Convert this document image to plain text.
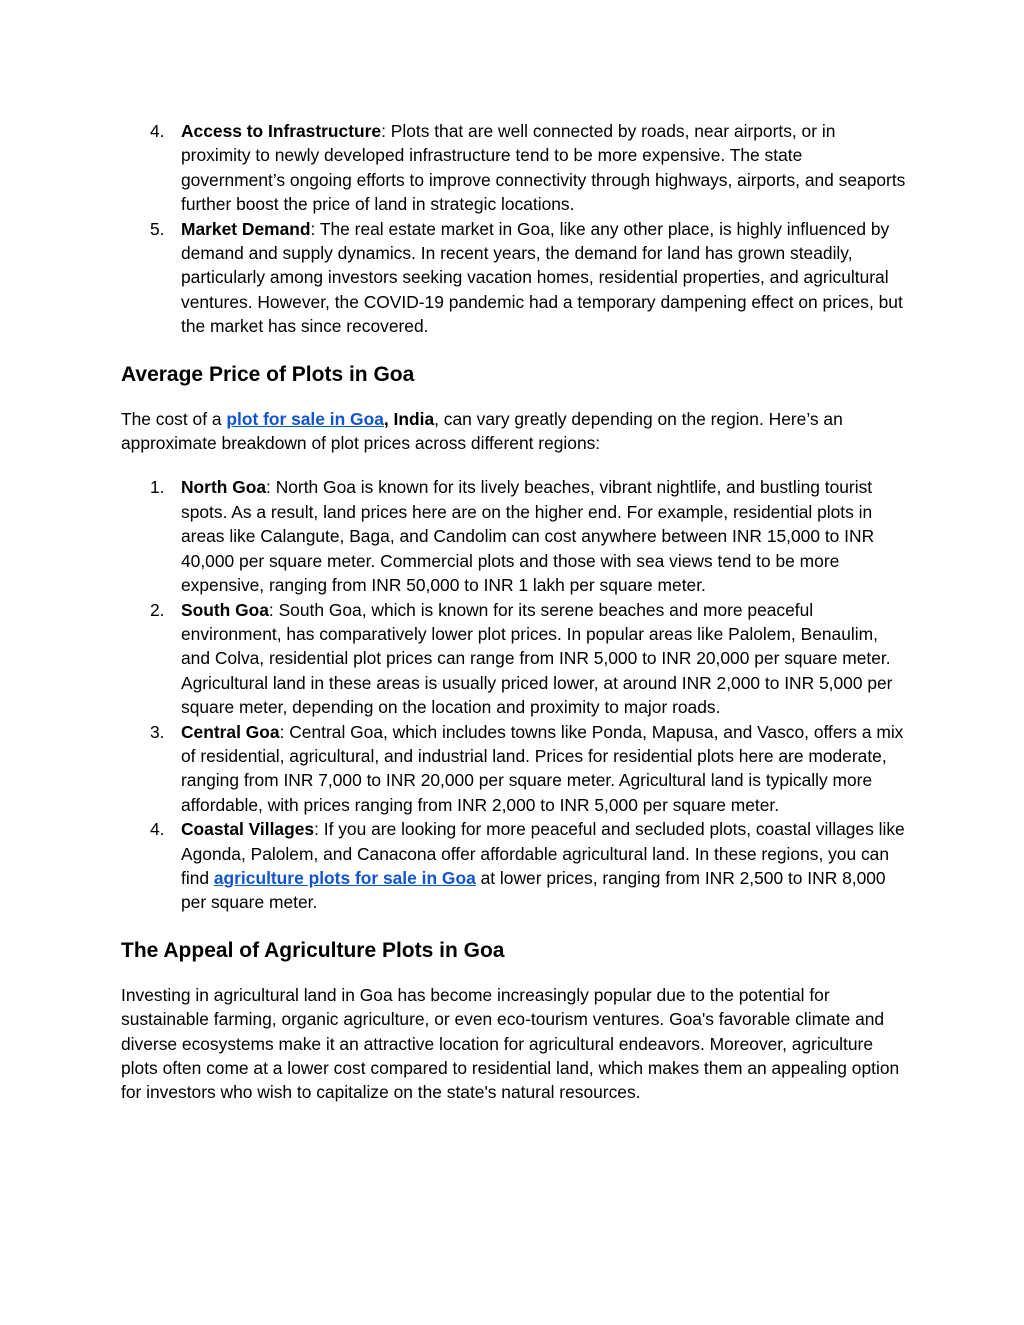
4. Access to Infrastructure: Plots that are well connected by roads, near airports, or in proximity to newly developed infrastructure tend to be more expensive. The state government’s ongoing efforts to improve connectivity through highways, airports, and seaports further boost the price of land in strategic locations.
5. Market Demand: The real estate market in Goa, like any other place, is highly influenced by demand and supply dynamics. In recent years, the demand for land has grown steadily, particularly among investors seeking vacation homes, residential properties, and agricultural ventures. However, the COVID-19 pandemic had a temporary dampening effect on prices, but the market has since recovered.
Average Price of Plots in Goa

The cost of a plot for sale in Goa, India, can vary greatly depending on the region. Here’s an approximate breakdown of plot prices across different regions:

1. North Goa: North Goa is known for its lively beaches, vibrant nightlife, and bustling tourist spots. As a result, land prices here are on the higher end. For example, residential plots in areas like Calangute, Baga, and Candolim can cost anywhere between INR 15,000 to INR 40,000 per square meter. Commercial plots and those with sea views tend to be more expensive, ranging from INR 50,000 to INR 1 lakh per square meter.
2. South Goa: South Goa, which is known for its serene beaches and more peaceful environment, has comparatively lower plot prices. In popular areas like Palolem, Benaulim, and Colva, residential plot prices can range from INR 5,000 to INR 20,000 per square meter. Agricultural land in these areas is usually priced lower, at around INR 2,000 to INR 5,000 per square meter, depending on the location and proximity to major roads.
3. Central Goa: Central Goa, which includes towns like Ponda, Mapusa, and Vasco, offers a mix of residential, agricultural, and industrial land. Prices for residential plots here are moderate, ranging from INR 7,000 to INR 20,000 per square meter. Agricultural land is typically more affordable, with prices ranging from INR 2,000 to INR 5,000 per square meter.
4. Coastal Villages: If you are looking for more peaceful and secluded plots, coastal villages like Agonda, Palolem, and Canacona offer affordable agricultural land. In these regions, you can find agriculture plots for sale in Goa at lower prices, ranging from INR 2,500 to INR 8,000 per square meter.
The Appeal of Agriculture Plots in Goa

Investing in agricultural land in Goa has become increasingly popular due to the potential for sustainable farming, organic agriculture, or even eco-tourism ventures. Goa's favorable climate and diverse ecosystems make it an attractive location for agricultural endeavors. Moreover, agriculture plots often come at a lower cost compared to residential land, which makes them an appealing option for investors who wish to capitalize on the state's natural resources.
